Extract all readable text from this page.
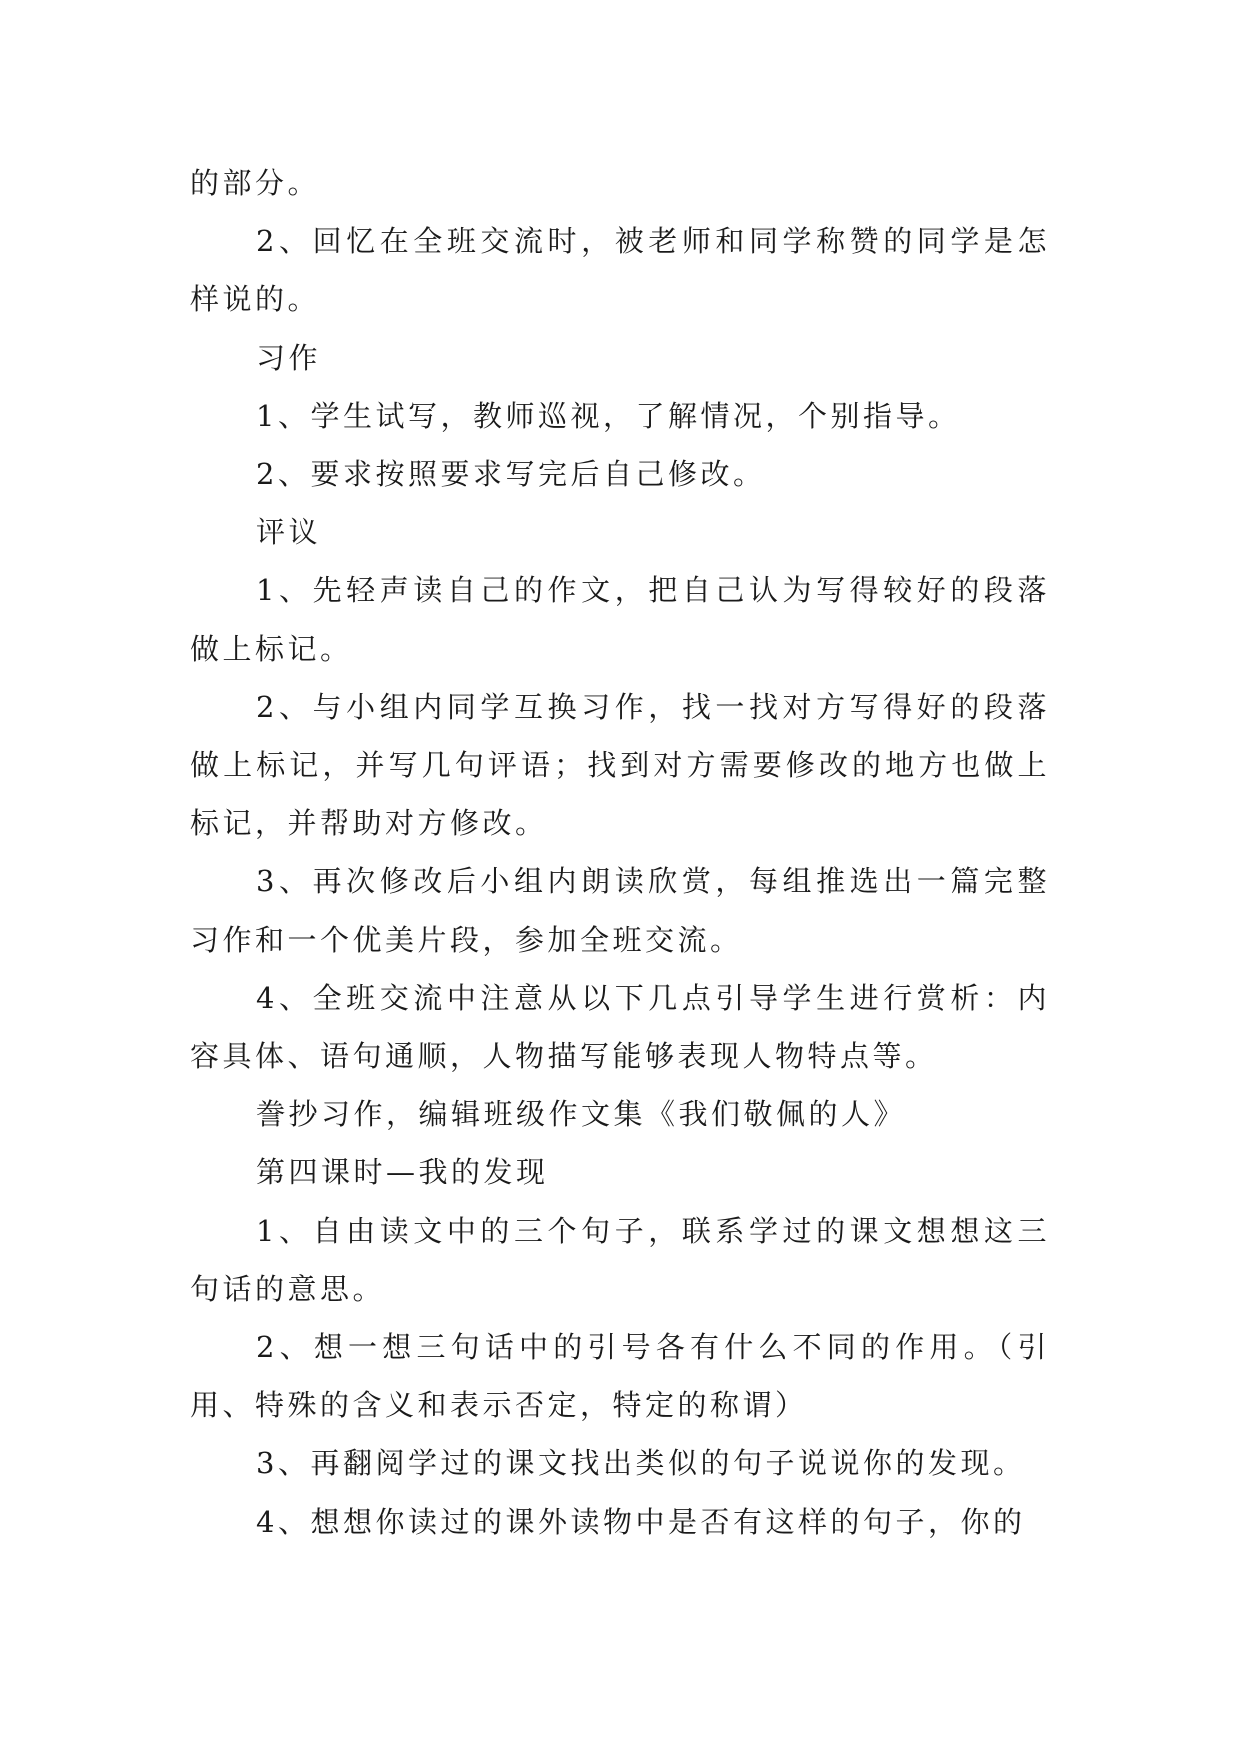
的部分。

2、回忆在全班交流时，被老师和同学称赞的同学是怎样说的。

习作

1、学生试写，教师巡视，了解情况，个别指导。

2、要求按照要求写完后自己修改。

评议

1、先轻声读自己的作文，把自己认为写得较好的段落做上标记。

2、与小组内同学互换习作，找一找对方写得好的段落做上标记，并写几句评语；找到对方需要修改的地方也做上标记，并帮助对方修改。

3、再次修改后小组内朗读欣赏，每组推选出一篇完整习作和一个优美片段，参加全班交流。

4、全班交流中注意从以下几点引导学生进行赏析：内容具体、语句通顺，人物描写能够表现人物特点等。

誊抄习作，编辑班级作文集《我们敬佩的人》

第四课时—我的发现

1、自由读文中的三个句子，联系学过的课文想想这三句话的意思。

2、想一想三句话中的引号各有什么不同的作用。（引用、特殊的含义和表示否定，特定的称谓）

3、再翻阅学过的课文找出类似的句子说说你的发现。

4、想想你读过的课外读物中是否有这样的句子，你的
